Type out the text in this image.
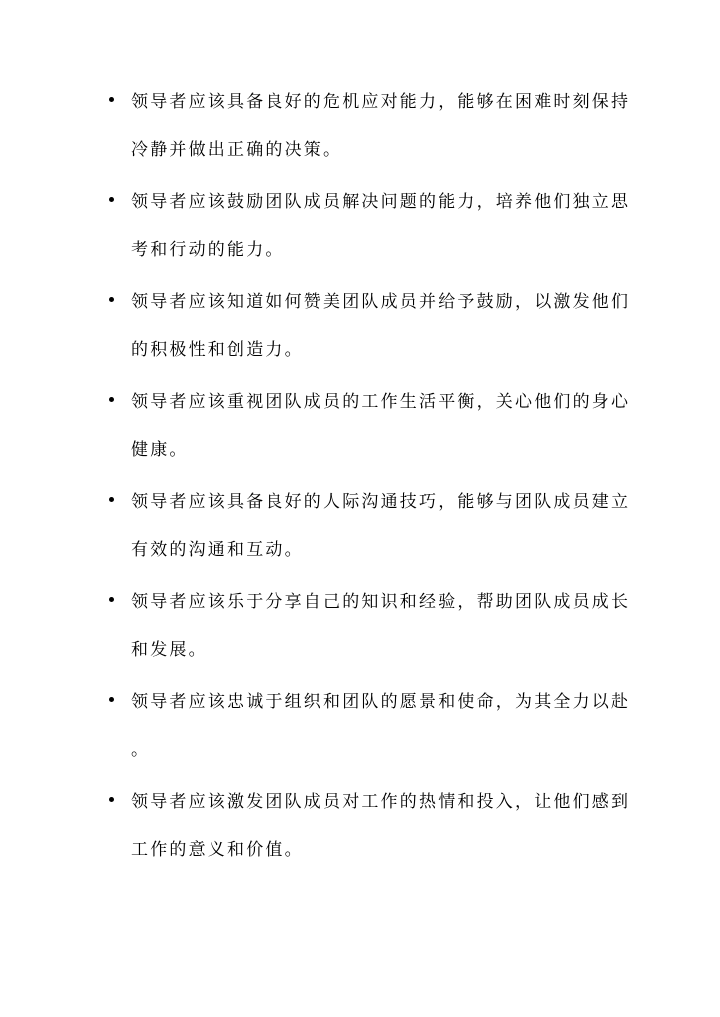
领导者应该具备良好的危机应对能力，能够在困难时刻保持
冷静并做出正确的决策。
领导者应该鼓励团队成员解决问题的能力，培养他们独立思
考和行动的能力。
领导者应该知道如何赞美团队成员并给予鼓励，以激发他们
的积极性和创造力。
领导者应该重视团队成员的工作生活平衡，关心他们的身心
健康。
领导者应该具备良好的人际沟通技巧，能够与团队成员建立
有效的沟通和互动。
领导者应该乐于分享自己的知识和经验，帮助团队成员成长
和发展。
领导者应该忠诚于组织和团队的愿景和使命，为其全力以赴
。
领导者应该激发团队成员对工作的热情和投入，让他们感到
工作的意义和价值。
